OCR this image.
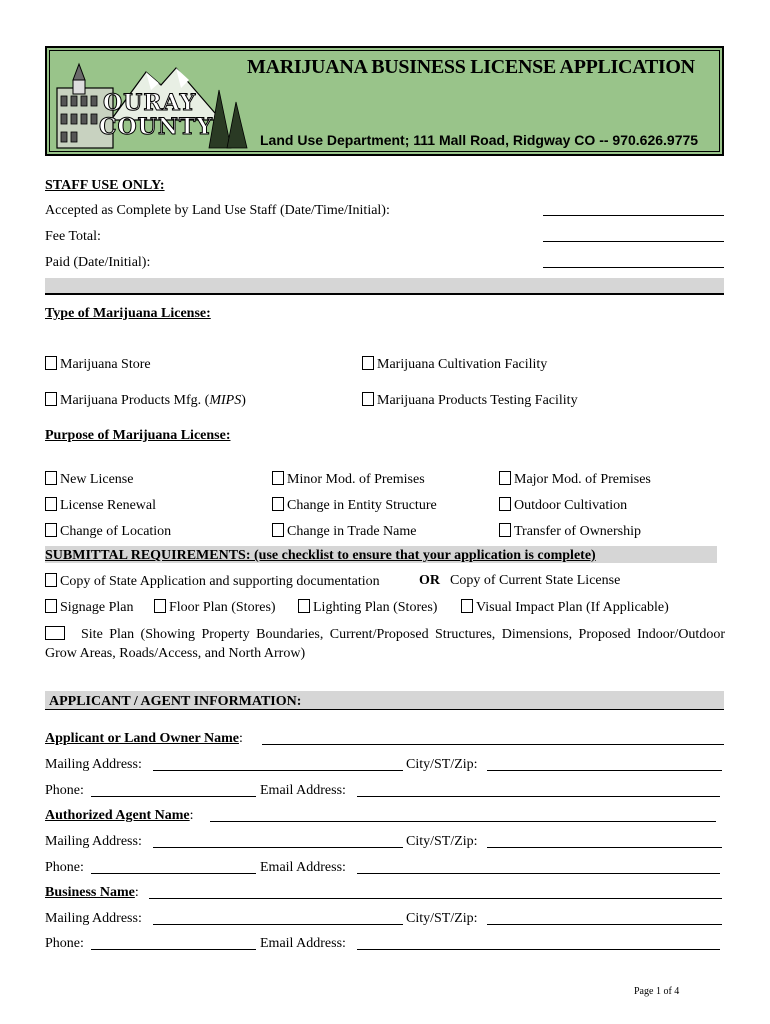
OURAY
COUNTY
MARIJUANA BUSINESS LICENSE APPLICATION
Land Use Department; 111 Mall Road, Ridgway CO -- 970.626.9775
STAFF USE ONLY:
Accepted as Complete by Land Use Staff (Date/Time/Initial):
Fee Total:
Paid (Date/Initial):
Type of Marijuana License:
Marijuana Store	Marijuana Cultivation Facility
Marijuana Products Mfg. (MIPS)	Marijuana Products Testing Facility
Purpose of Marijuana License:
New License	Minor Mod. of Premises	Major Mod. of Premises
License Renewal	Change in Entity Structure	Outdoor Cultivation
Change of Location	Change in Trade Name	Transfer of Ownership
SUBMITTAL REQUIREMENTS: (use checklist to ensure that your application is complete)
Copy of State Application and supporting documentation	OR Copy of Current State License
Signage Plan	Floor Plan (Stores)	Lighting Plan (Stores)	Visual Impact Plan (If Applicable)
Site Plan (Showing Property Boundaries, Current/Proposed Structures, Dimensions, Proposed Indoor/Outdoor Grow Areas, Roads/Access, and North Arrow)
APPLICANT / AGENT INFORMATION:
Applicant or Land Owner Name:
Mailing Address:	City/ST/Zip:
Phone:	Email Address:
Authorized Agent Name:
Mailing Address:	City/ST/Zip:
Phone:	Email Address:
Business Name:
Mailing Address:	City/ST/Zip:
Phone:	Email Address:
Page 1 of 4
